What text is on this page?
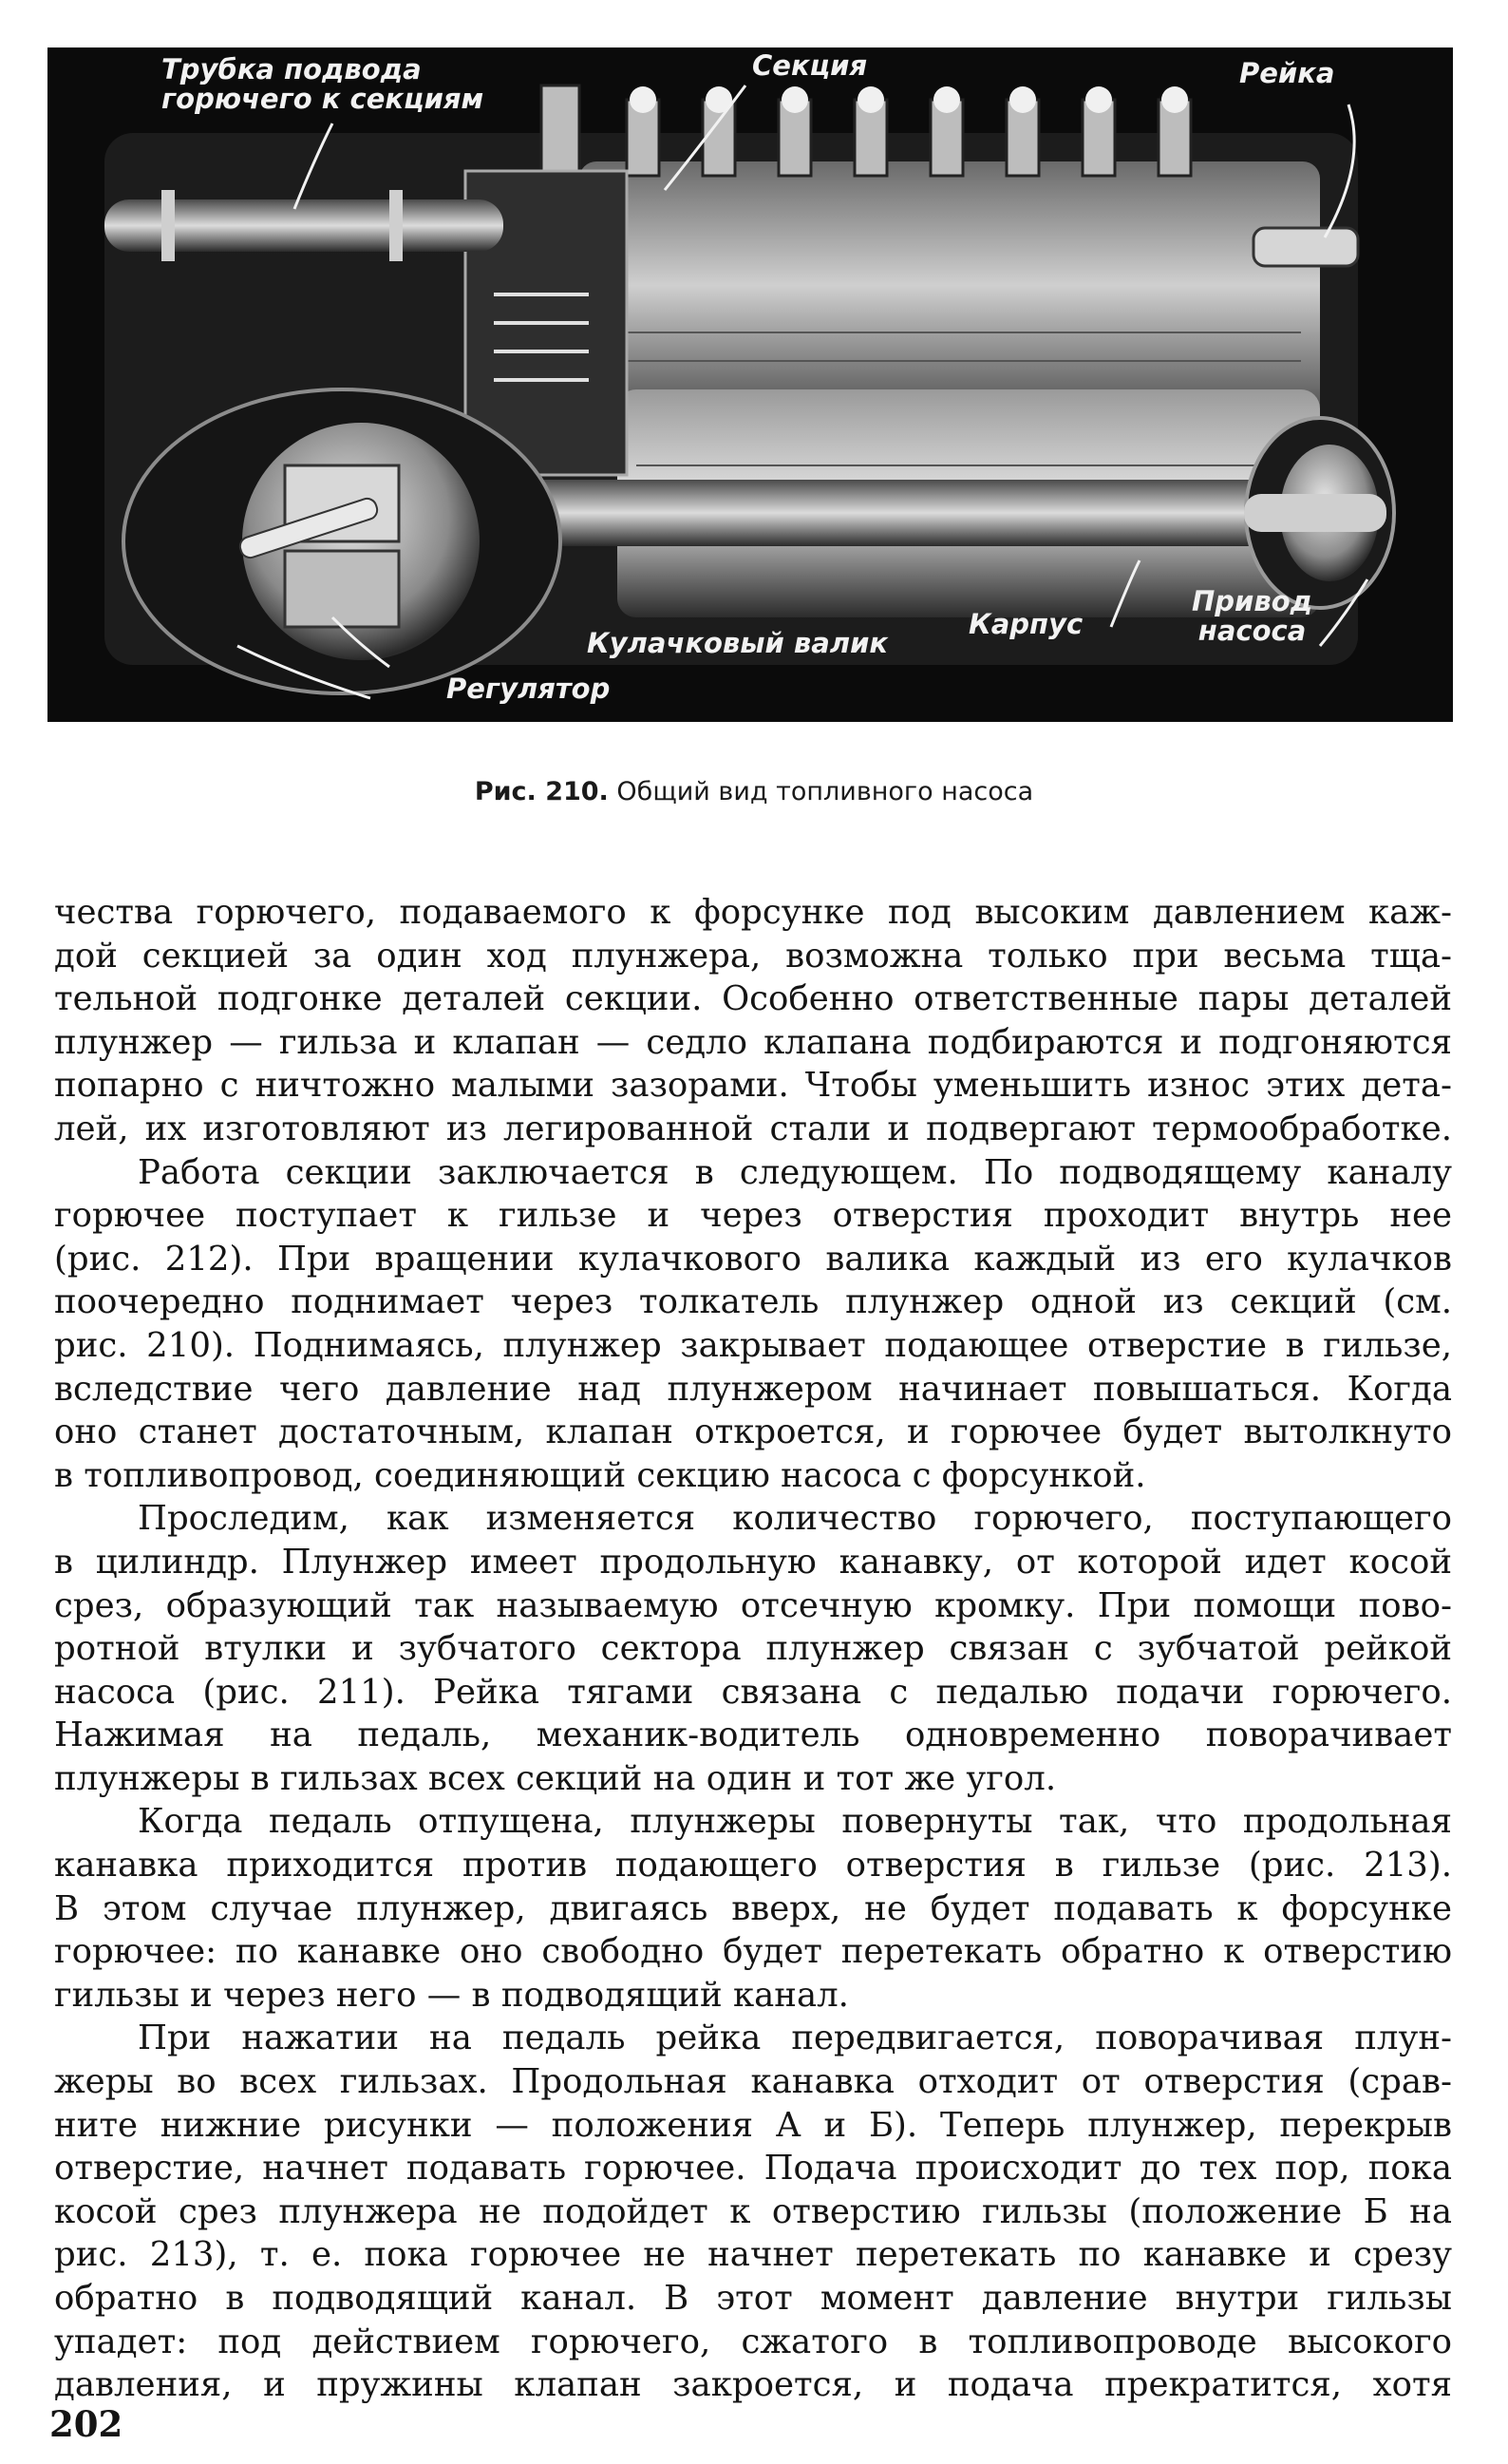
Трубка подвода
горючего к секциям
Секция	Рейка
Кулачковый валик
Карпус
Привод
насоса
Регулятор
Рис. 210. Общий вид топливного насоса
чества горючего, подаваемого к форсунке под высоким давлением каж-
дой секцией за один ход плунжера, возможна только при весьма тща-
тельной подгонке деталей секции. Особенно ответственные пары деталей
плунжер — гильза и клапан — седло клапана подбираются и подгоняются
попарно с ничтожно малыми зазорами. Чтобы уменьшить износ этих дета-
лей, их изготовляют из легированной стали и подвергают термообработке.
Работа секции заключается в следующем. По подводящему каналу
горючее поступает к гильзе и через отверстия проходит внутрь нее
(рис. 212). При вращении кулачкового валика каждый из его кулачков
поочередно поднимает через толкатель плунжер одной из секций (см.
рис. 210). Поднимаясь, плунжер закрывает подающее отверстие в гильзе,
вследствие чего давление над плунжером начинает повышаться. Когда
оно станет достаточным, клапан откроется, и горючее будет вытолкнуто
в топливопровод, соединяющий секцию насоса с форсункой.
Проследим, как изменяется количество горючего, поступающего
в цилиндр. Плунжер имеет продольную канавку, от которой идет косой
срез, образующий так называемую отсечную кромку. При помощи пово-
ротной втулки и зубчатого сектора плунжер связан с зубчатой рейкой
насоса (рис. 211). Рейка тягами связана с педалью подачи горючего.
Нажимая на педаль, механик-водитель одновременно поворачивает
плунжеры в гильзах всех секций на один и тот же угол.
Когда педаль отпущена, плунжеры повернуты так, что продольная
канавка приходится против подающего отверстия в гильзе (рис. 213).
В этом случае плунжер, двигаясь вверх, не будет подавать к форсунке
горючее: по канавке оно свободно будет перетекать обратно к отверстию
гильзы и через него — в подводящий канал.
При нажатии на педаль рейка передвигается, поворачивая плун-
жеры во всех гильзах. Продольная канавка отходит от отверстия (срав-
ните нижние рисунки — положения А и Б). Теперь плунжер, перекрыв
отверстие, начнет подавать горючее. Подача происходит до тех пор, пока
косой срез плунжера не подойдет к отверстию гильзы (положение Б на
рис. 213), т. е. пока горючее не начнет перетекать по канавке и срезу
обратно в подводящий канал. В этот момент давление внутри гильзы
упадет: под действием горючего, сжатого в топливопроводе высокого
давления, и пружины клапан закроется, и подача прекратится, хотя
202
